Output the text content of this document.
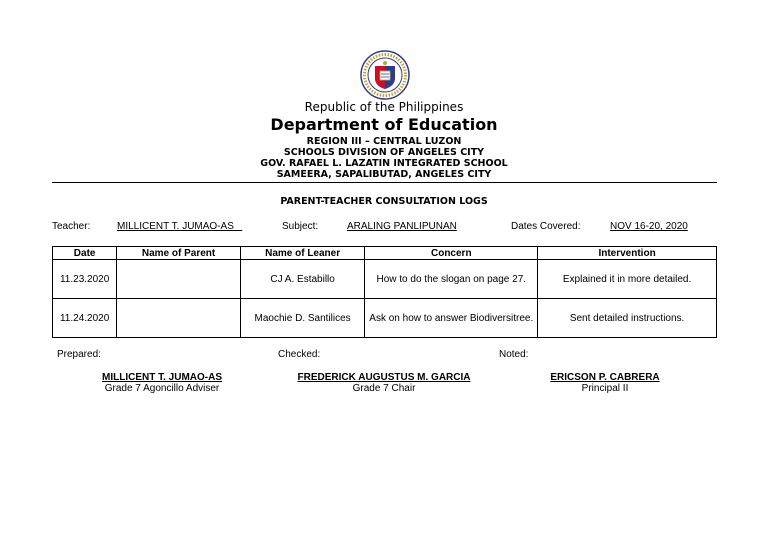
Republic of the Philippines
Department of Education
REGION III – CENTRAL LUZON
SCHOOLS DIVISION OF ANGELES CITY
GOV. RAFAEL L. LAZATIN INTEGRATED SCHOOL
SAMEERA, SAPALIBUTAD, ANGELES CITY
PARENT-TEACHER CONSULTATION LOGS
Teacher:	MILLICENT T. JUMAO-AS	Subject:	ARALING PANLIPUNAN	Dates Covered:	NOV 16-20, 2020
Date	Name of Parent	Name of Leaner	Concern	Intervention
11.23.2020		CJ A. Estabillo	How to do the slogan on page 27.	Explained it in more detailed.
11.24.2020		Maochie D. Santilices	Ask on how to answer Biodiversitree.	Sent detailed instructions.
Prepared:	Checked:	Noted:
MILLICENT T. JUMAO-AS
Grade 7 Agoncillo Adviser
FREDERICK AUGUSTUS M. GARCIA
Grade 7 Chair
ERICSON P. CABRERA
Principal II
